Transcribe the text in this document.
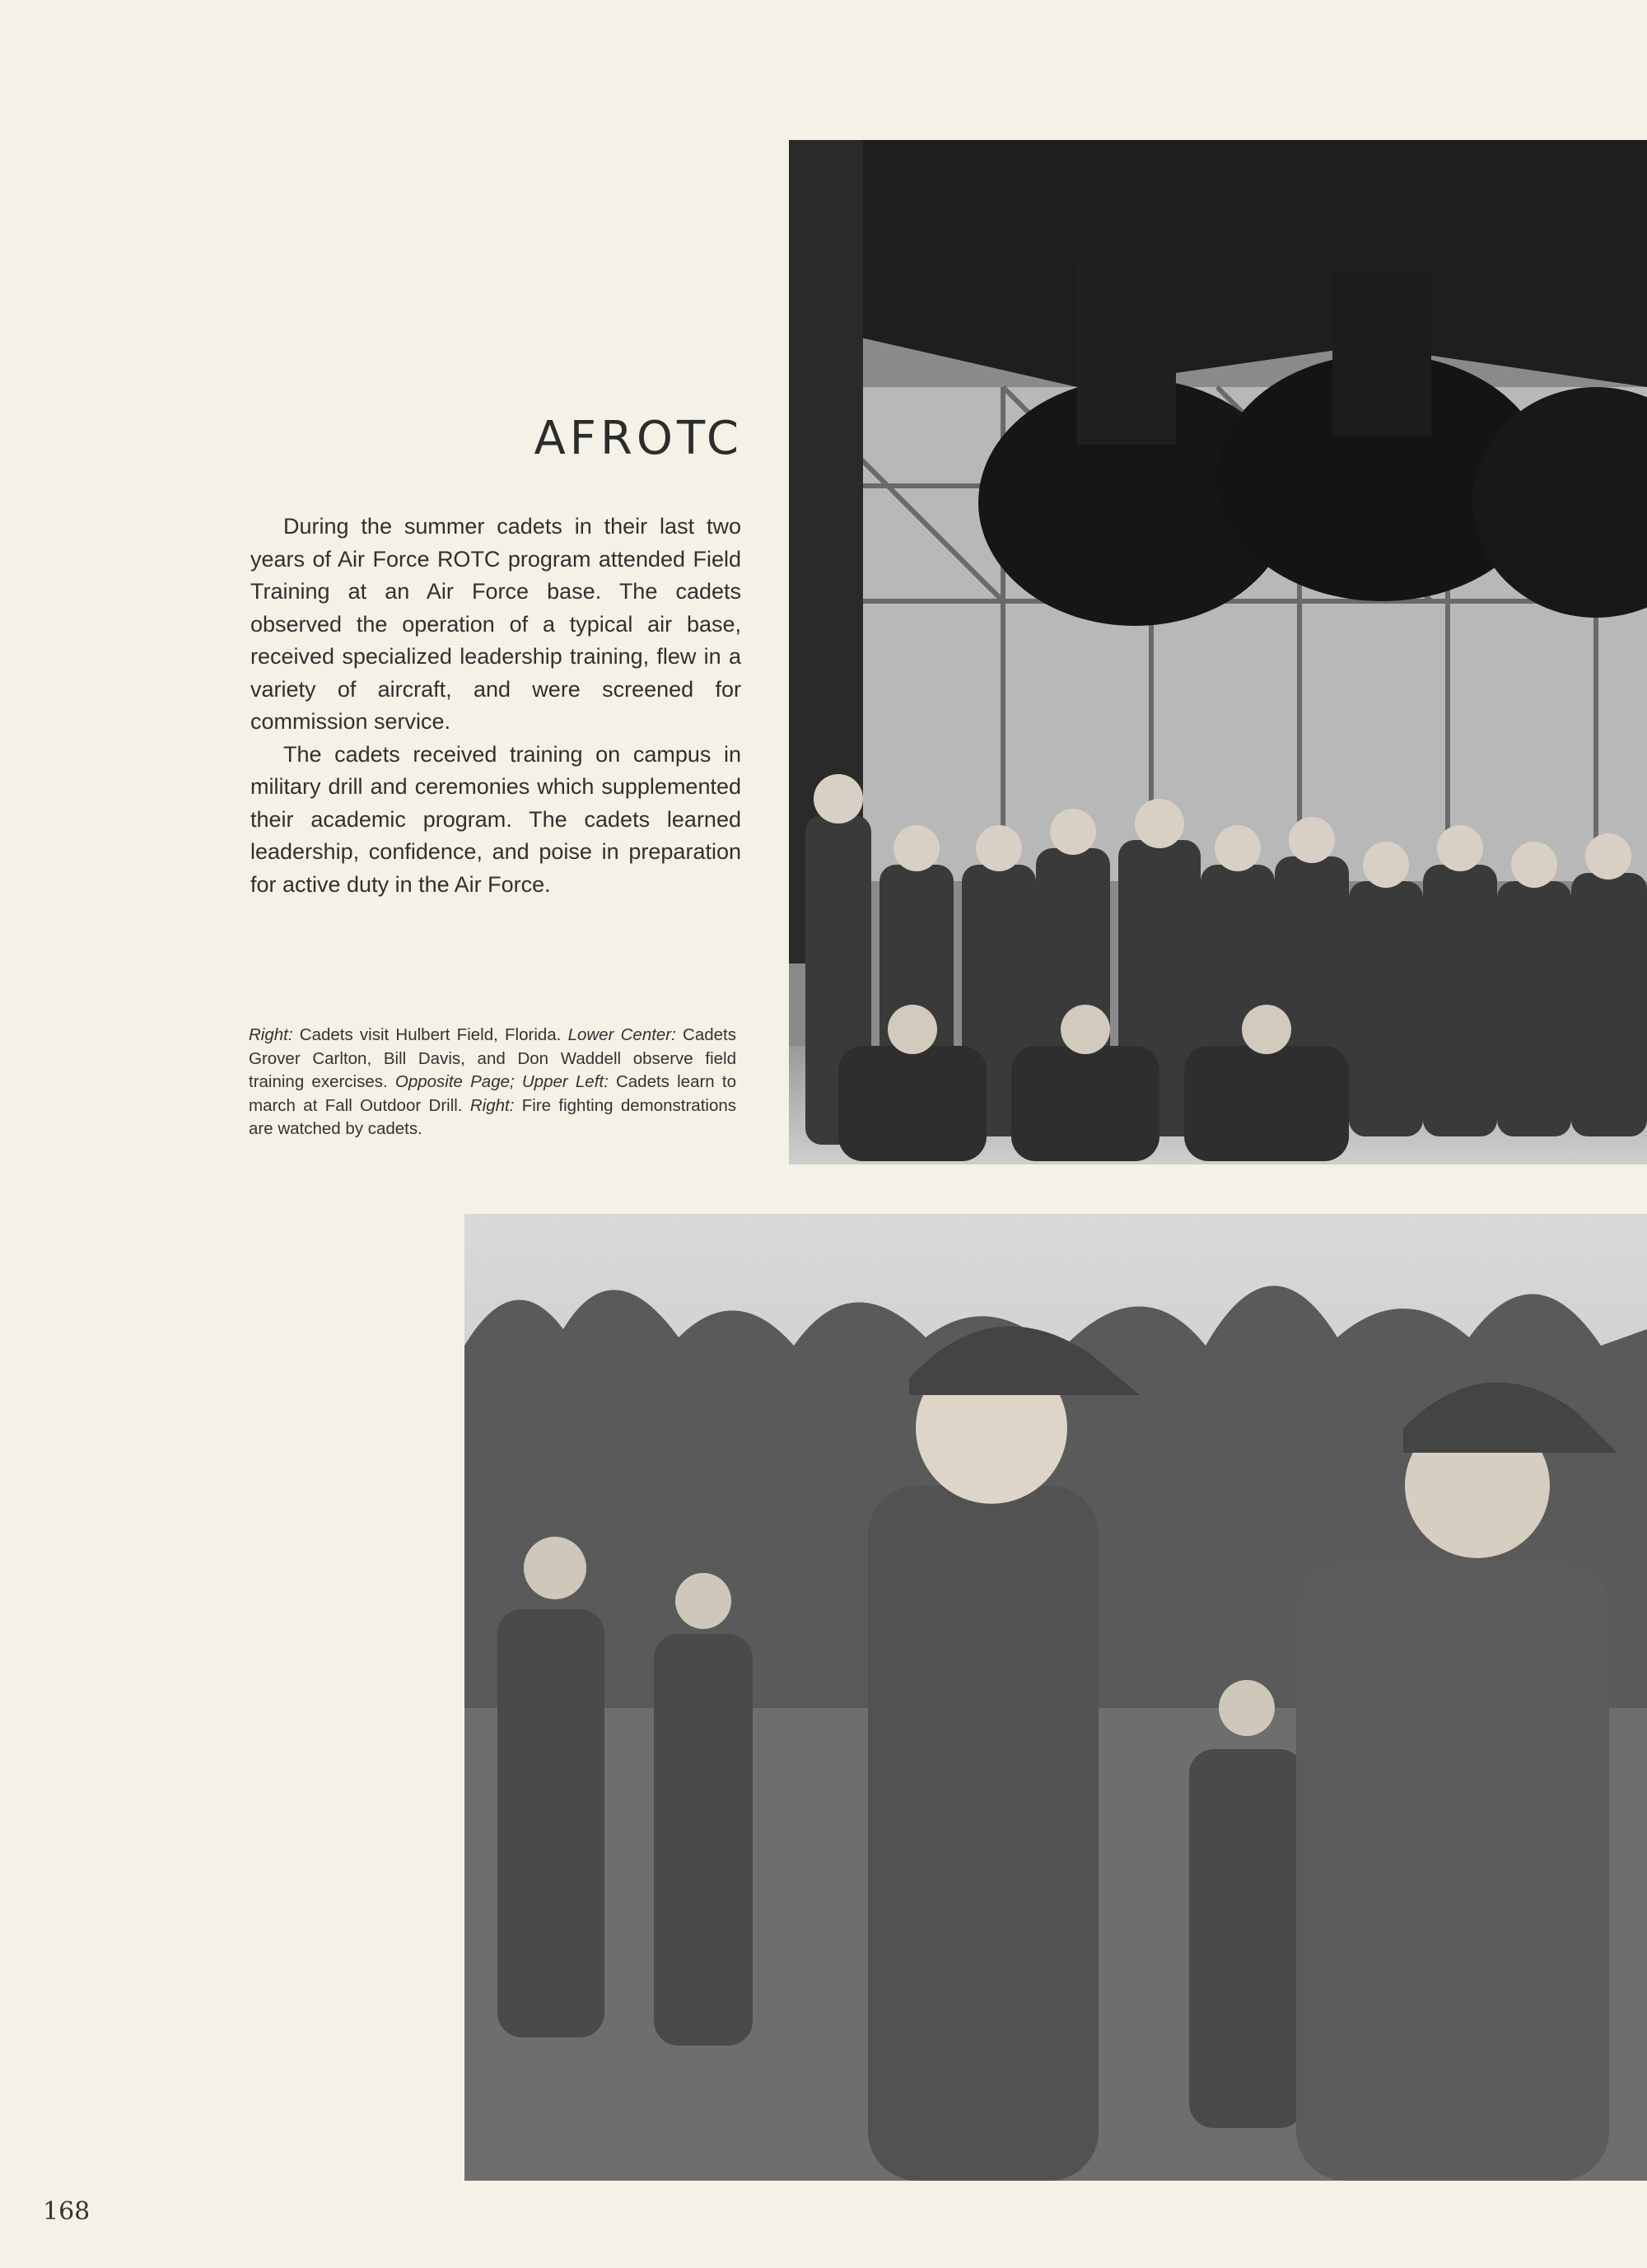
AFROTC

During the summer cadets in their last two years of Air Force ROTC program attended Field Training at an Air Force base. The cadets observed the operation of a typical air base, received specialized leadership training, flew in a variety of aircraft, and were screened for commission service.

The cadets received training on campus in military drill and ceremonies which supplemented their academic program. The cadets learned leadership, confidence, and poise in preparation for active duty in the Air Force.

Right: Cadets visit Hulbert Field, Florida. Lower Center: Cadets Grover Carlton, Bill Davis, and Don Waddell observe field training exercises. Opposite Page; Upper Left: Cadets learn to march at Fall Outdoor Drill. Right: Fire fighting demonstrations are watched by cadets.
168
